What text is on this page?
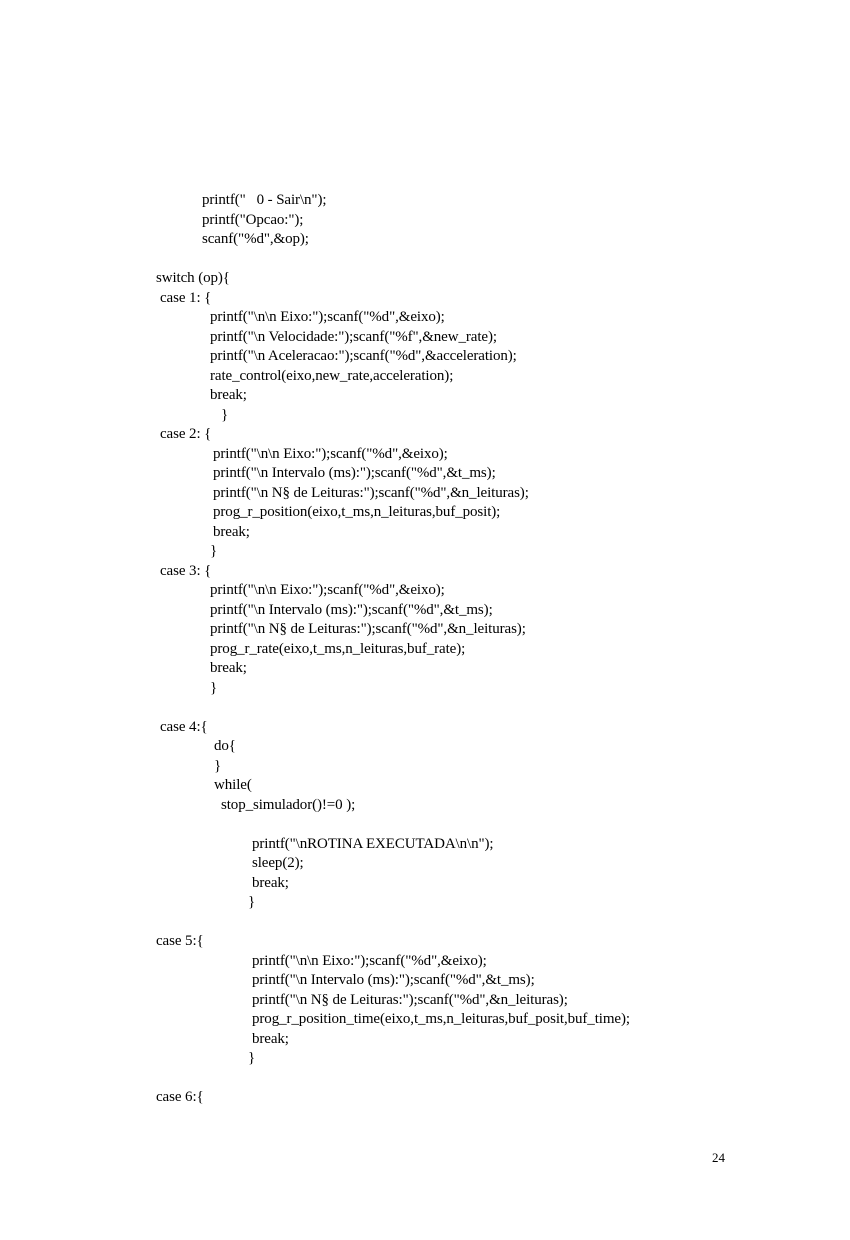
printf("   0 - Sair\n");
printf("Opcao:");
scanf("%d",&op);
switch (op){
case 1: {
printf("\n\n Eixo:");scanf("%d",&eixo);
printf("\n Velocidade:");scanf("%f",&new_rate);
printf("\n Aceleracao:");scanf("%d",&acceleration);
rate_control(eixo,new_rate,acceleration);
break;
}
case 2: {
printf("\n\n Eixo:");scanf("%d",&eixo);
printf("\n Intervalo (ms):");scanf("%d",&t_ms);
printf("\n N§ de Leituras:");scanf("%d",&n_leituras);
prog_r_position(eixo,t_ms,n_leituras,buf_posit);
break;
}
case 3: {
printf("\n\n Eixo:");scanf("%d",&eixo);
printf("\n Intervalo (ms):");scanf("%d",&t_ms);
printf("\n N§ de Leituras:");scanf("%d",&n_leituras);
prog_r_rate(eixo,t_ms,n_leituras,buf_rate);
break;
}
case 4:{
do{
}
while(
stop_simulador()!=0 );
printf("\nROTINA EXECUTADA\n\n");
sleep(2);
break;
}
case 5:{
printf("\n\n Eixo:");scanf("%d",&eixo);
printf("\n Intervalo (ms):");scanf("%d",&t_ms);
printf("\n N§ de Leituras:");scanf("%d",&n_leituras);
prog_r_position_time(eixo,t_ms,n_leituras,buf_posit,buf_time);
break;
}
case 6:{
24
